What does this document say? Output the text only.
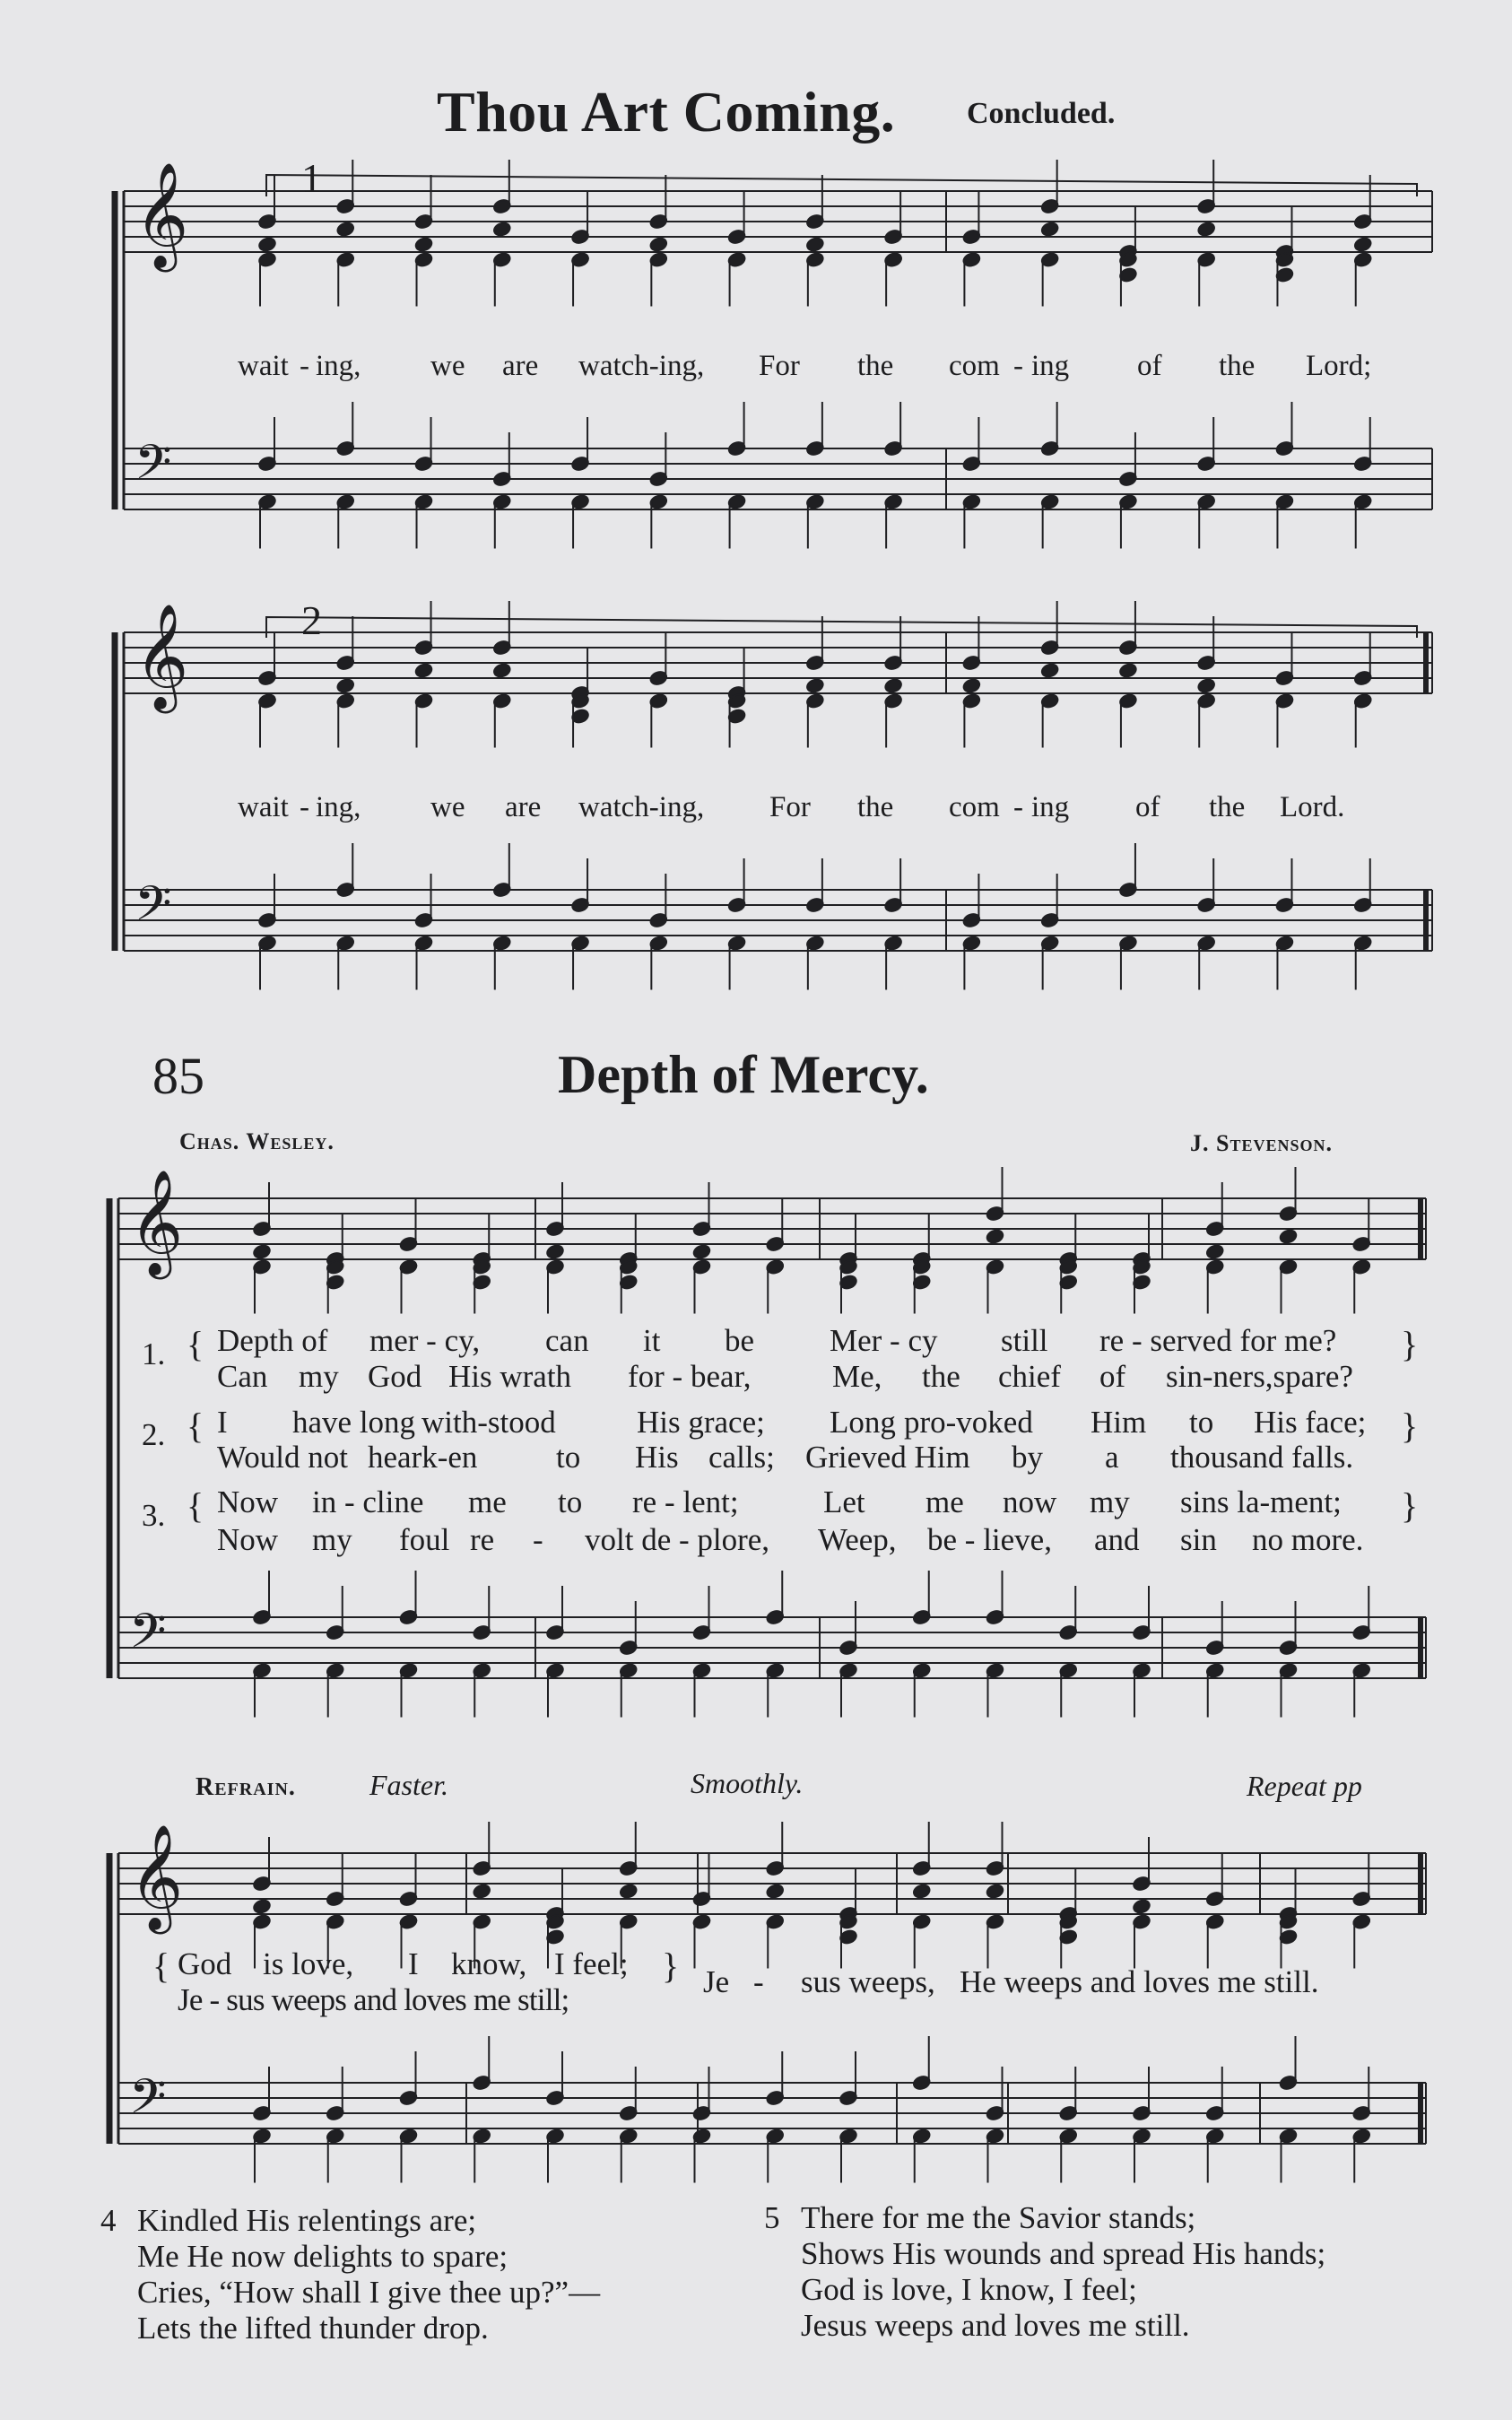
Thou Art Coming. Concluded.
𝄞
𝄢
𝄞
𝄢
𝄞
𝄢
𝄞
𝄢
1
2
wait - ing, we are watch-ing, For the com - ing of the Lord;
wait - ing, we are watch-ing, For the com - ing of the Lord.
85	Depth of Mercy.
Chas. Wesley.	J. Stevenson.
1. {	}
Depth of mer - cy, can it be Mer - cy still re - served for me?
Can my God His wrath for - bear,	Me, the chief of sin-ners,spare?
2. {	}
I have long with-stood	His grace; Long pro-voked Him to His face;
Would not heark-en	to His calls; Grieved Him by a thousand falls.
3. {	}
Now in - cline me to re - lent;	Let me now my sins la-ment;
Now my foul re - volt de - plore, Weep, be - lieve, and sin no more.
Refrain.	Faster.	Smoothly.	Repeat pp
{	}
God is love, I know, I feel;
Je - sus weeps and loves me still;
Je - sus weeps, He weeps and loves me still.
4 Kindled His relentings are;
Me He now delights to spare;
Cries, “How shall I give thee up?”—
Lets the lifted thunder drop.
5 There for me the Savior stands;
Shows His wounds and spread His hands;
God is love, I know, I feel;
Jesus weeps and loves me still.
